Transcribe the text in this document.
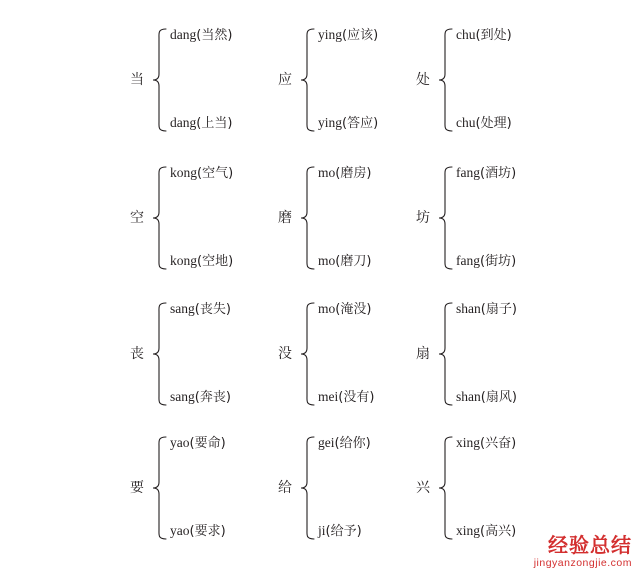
当
dang(当然)
dang(上当)
应
ying(应该)
ying(答应)
处
chu(到处)
chu(处理)
空
kong(空气)
kong(空地)
磨
mo(磨房)
mo(磨刀)
坊
fang(酒坊)
fang(街坊)
丧
sang(丧失)
sang(奔丧)
没
mo(淹没)
mei(没有)
扇
shan(扇子)
shan(扇风)
要
yao(要命)
yao(要求)
给
gei(给你)
ji(给予)
兴
xing(兴奋)
xing(高兴)
经验总结
jingyanzongjie.com
